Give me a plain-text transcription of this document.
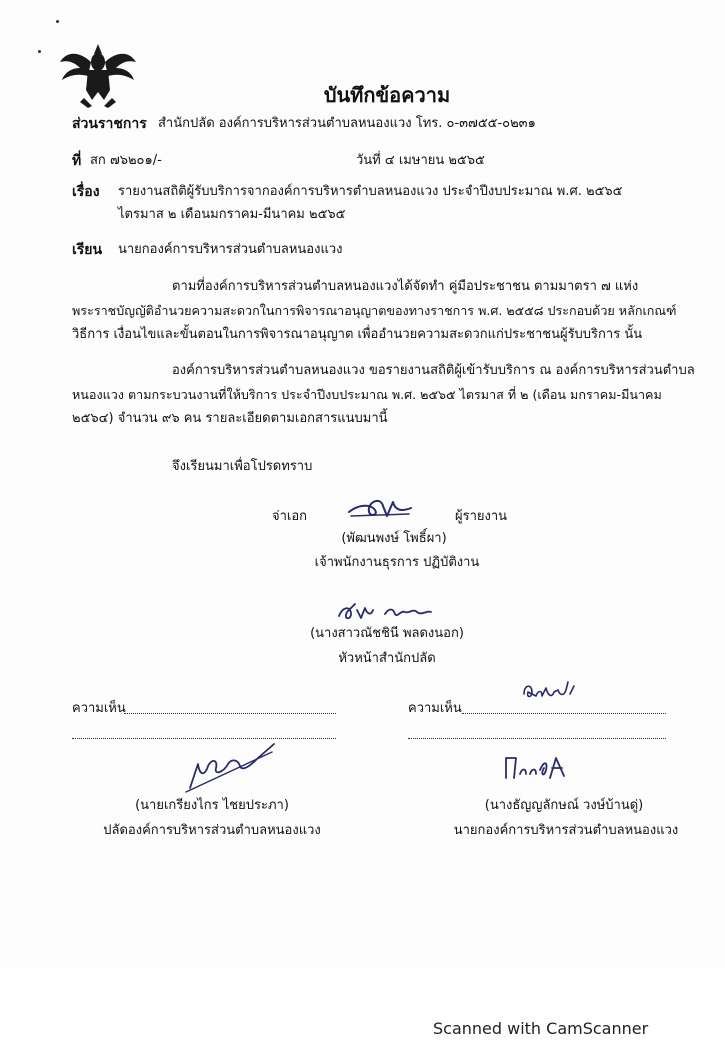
บันทึกข้อความ
ส่วนราชการ สำนักปลัด องค์การบริหารส่วนตำบลหนองแวง โทร. ๐-๓๗๕๕-๐๒๓๑
ที่ สก ๗๖๒๐๑/-	วันที่ ๔ เมษายน ๒๕๖๕
เรื่อง รายงานสถิติผู้รับบริการจากองค์การบริหารตำบลหนองแวง ประจำปีงบประมาณ พ.ศ. ๒๕๖๕
ไตรมาส ๒ เดือนมกราคม-มีนาคม ๒๕๖๕
เรียน นายกองค์การบริหารส่วนตำบลหนองแวง
ตามที่องค์การบริหารส่วนตำบลหนองแวงได้จัดทำ คู่มือประชาชน ตามมาตรา ๗ แห่ง
พระราชบัญญัติอำนวยความสะดวกในการพิจารณาอนุญาตของทางราชการ พ.ศ. ๒๕๕๘ ประกอบด้วย หลักเกณฑ์
วิธีการ เงื่อนไขและขั้นตอนในการพิจารณาอนุญาต เพื่ออำนวยความสะดวกแก่ประชาชนผู้รับบริการ นั้น
องค์การบริหารส่วนตำบลหนองแวง ขอรายงานสถิติผู้เข้ารับบริการ ณ องค์การบริหารส่วนตำบล
หนองแวง ตามกระบวนงานที่ให้บริการ ประจำปีงบประมาณ พ.ศ. ๒๕๖๕ ไตรมาส ที่ ๒ (เดือน มกราคม-มีนาคม
๒๕๖๔) จำนวน ๙๖ คน รายละเอียดตามเอกสารแนบมานี้
จึงเรียนมาเพื่อโปรดทราบ
จ่าเอก	ผู้รายงาน
(พัฒนพงษ์ โพธิ์ผา)
เจ้าพนักงานธุรการ ปฏิบัติงาน
(นางสาวณัชชินี พลดงนอก)
หัวหน้าสำนักปลัด
ความเห็น
(นายเกรียงไกร ไชยประภา)
ปลัดองค์การบริหารส่วนตำบลหนองแวง
ความเห็น
(นางธัญญลักษณ์ วงษ์บ้านดู่)
นายกองค์การบริหารส่วนตำบลหนองแวง
Scanned with CamScanner
